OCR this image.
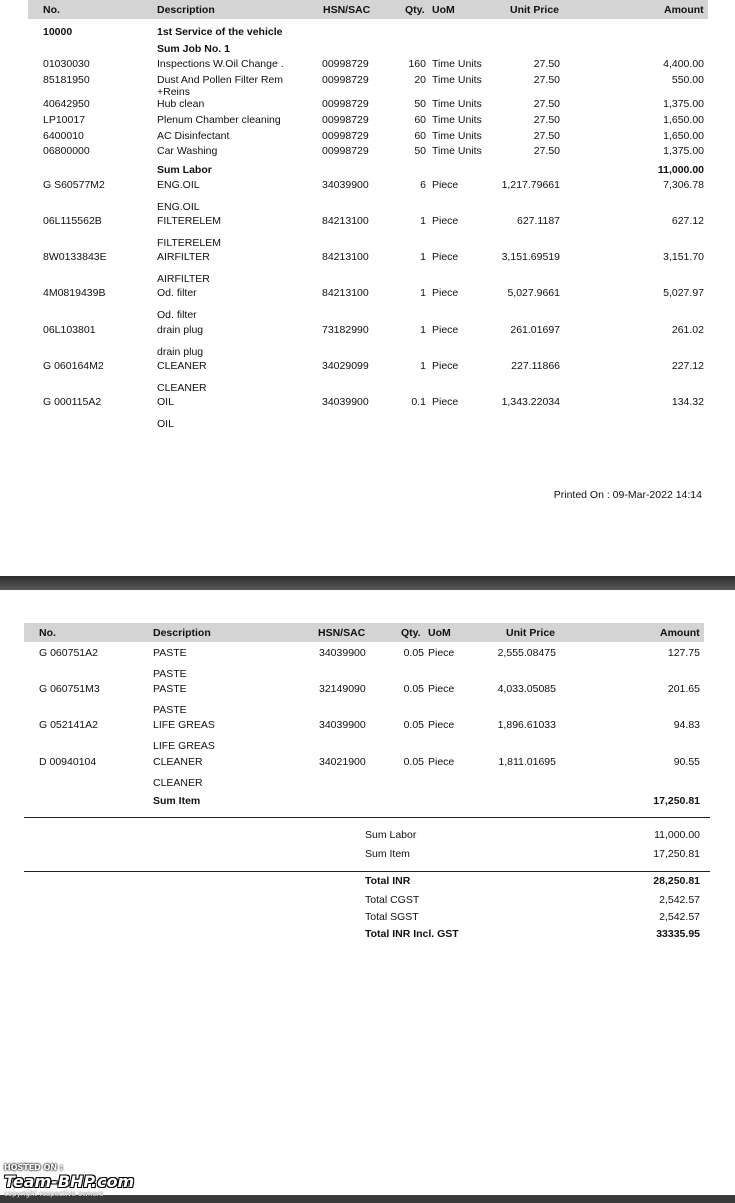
No.	Description	HSN/SAC	Qty. UoM	Unit Price	Amount
10000	1st Service of the vehicle
Sum Job No. 1
01030030	Inspections W.Oil Change .	00998729	160 Time Units	27.50	4,400.00
85181950	Dust And Pollen Filter Rem	00998729	20 Time Units	27.50	550.00
+Reins
40642950	Hub clean	00998729	50 Time Units	27.50	1,375.00
LP10017	Plenum Chamber cleaning	00998729	60 Time Units	27.50	1,650.00
6400010	AC Disinfectant	00998729	60 Time Units	27.50	1,650.00
06800000	Car Washing	00998729	50 Time Units	27.50	1,375.00
Sum Labor	11,000.00
G S60577M2	ENG.OIL	34039900	6 Piece	1,217.79661	7,306.78
ENG.OIL
06L115562B	FILTERELEM	84213100	1 Piece	627.1187	627.12
FILTERELEM
8W0133843E	AIRFILTER	84213100	1 Piece	3,151.69519	3,151.70
AIRFILTER
4M0819439B	Od. filter	84213100	1 Piece	5,027.9661	5,027.97
Od. filter
06L103801	drain plug	73182990	1 Piece	261.01697	261.02
drain plug
G 060164M2	CLEANER	34029099	1 Piece	227.11866	227.12
CLEANER
G 000115A2	OIL	34039900	0.1 Piece	1,343.22034	134.32
OIL
Printed On : 09-Mar-2022 14:14
No.	Description	HSN/SAC	Qty. UoM	Unit Price	Amount
G 060751A2	PASTE	34039900	0.05 Piece	2,555.08475	127.75
PASTE
G 060751M3	PASTE	32149090	0.05 Piece	4,033.05085	201.65
PASTE
G 052141A2	LIFE GREAS	34039900	0.05 Piece	1,896.61033	94.83
LIFE GREAS
D 00940104	CLEANER	34021900	0.05 Piece	1,811.01695	90.55
CLEANER
Sum Item	17,250.81
Sum Labor	11,000.00
Sum Item	17,250.81
Total INR	28,250.81
Total CGST	2,542.57
Total SGST	2,542.57
Total INR Incl. GST	33335.95
HOSTED ON :
Team-BHP.com
copyright respective owners
